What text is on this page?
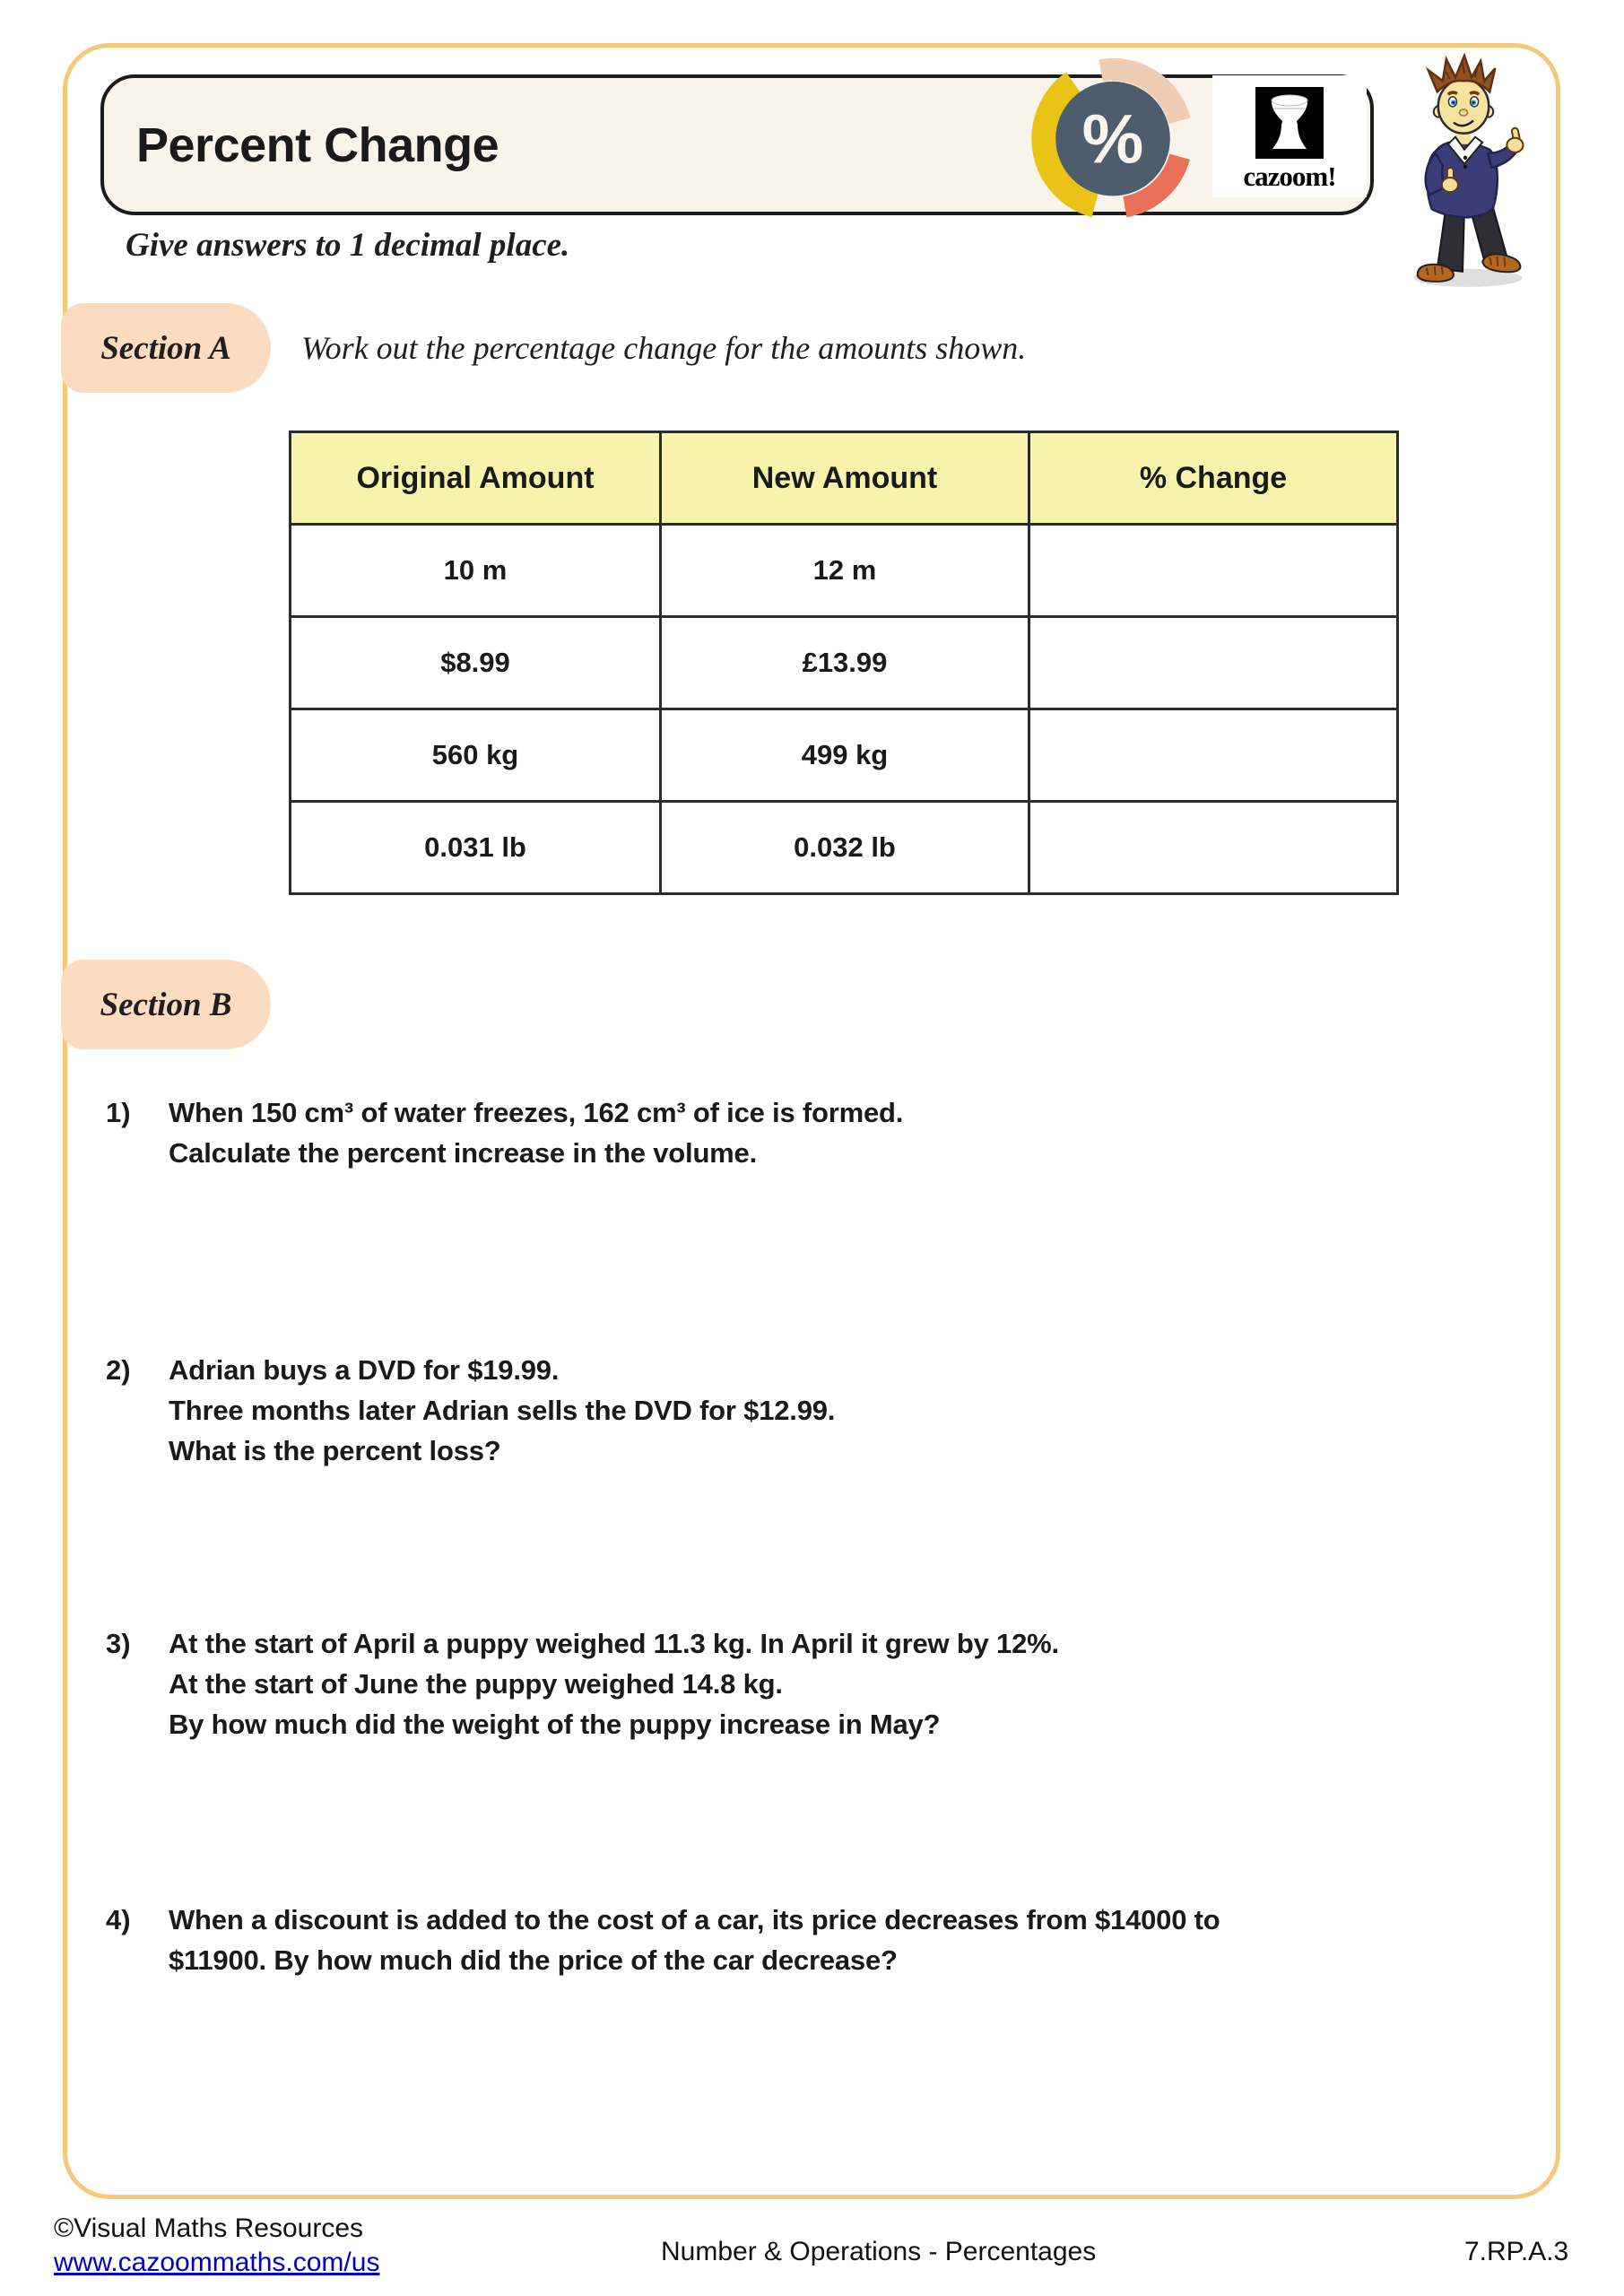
Percent Change	%	cazoom!
Give answers to 1 decimal place.
Section A Work out the percentage change for the amounts shown.
Original Amount	New Amount	% Change
10 m	12 m	
$8.99	£13.99	
560 kg	499 kg	
0.031 lb	0.032 lb	
Section B
1)	When 150 cm³ of water freezes, 162 cm³ of ice is formed.
Calculate the percent increase in the volume.
2)	Adrian buys a DVD for $19.99.
Three months later Adrian sells the DVD for $12.99.
What is the percent loss?
3)	At the start of April a puppy weighed 11.3 kg. In April it grew by 12%.
At the start of June the puppy weighed 14.8 kg.
By how much did the weight of the puppy increase in May?
4)	When a discount is added to the cost of a car, its price decreases from $14000 to
$11900. By how much did the price of the car decrease?
©Visual Maths Resources
www.cazoommaths.com/us	Number & Operations - Percentages	7.RP.A.3
